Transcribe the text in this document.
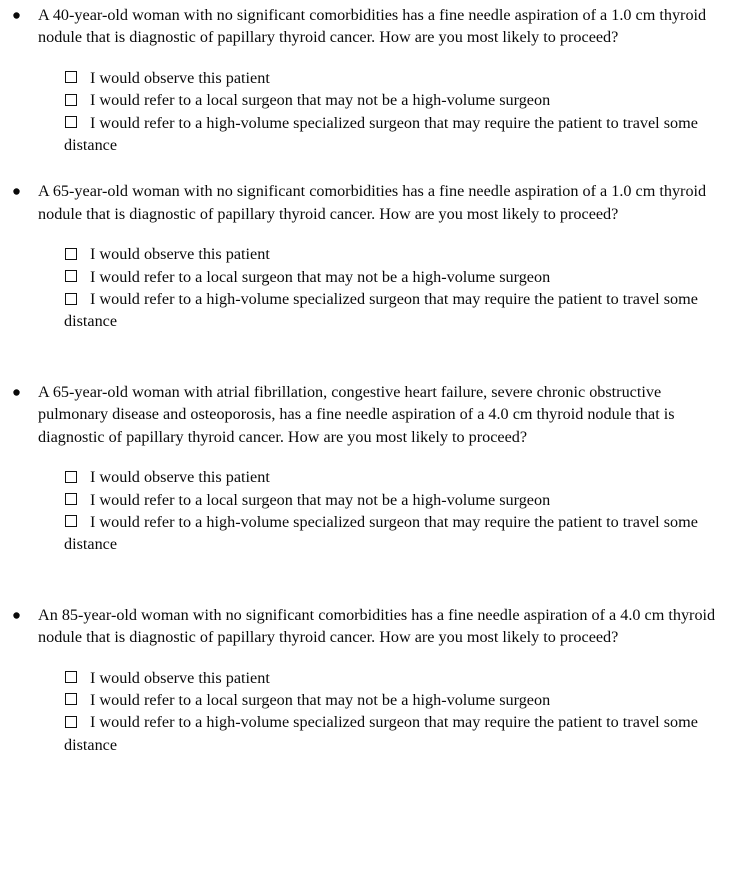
A 40-year-old woman with no significant comorbidities has a fine needle aspiration of a 1.0 cm thyroid nodule that is diagnostic of papillary thyroid cancer. How are you most likely to proceed?

I would observe this patient
I would refer to a local surgeon that may not be a high-volume surgeon
I would refer to a high-volume specialized surgeon that may require the patient to travel some distance

A 65-year-old woman with no significant comorbidities has a fine needle aspiration of a 1.0 cm thyroid nodule that is diagnostic of papillary thyroid cancer. How are you most likely to proceed?

I would observe this patient
I would refer to a local surgeon that may not be a high-volume surgeon
I would refer to a high-volume specialized surgeon that may require the patient to travel some distance

A 65-year-old woman with atrial fibrillation, congestive heart failure, severe chronic obstructive pulmonary disease and osteoporosis, has a fine needle aspiration of a 4.0 cm thyroid nodule that is diagnostic of papillary thyroid cancer. How are you most likely to proceed?

I would observe this patient
I would refer to a local surgeon that may not be a high-volume surgeon
I would refer to a high-volume specialized surgeon that may require the patient to travel some distance

An 85-year-old woman with no significant comorbidities has a fine needle aspiration of a 4.0 cm thyroid nodule that is diagnostic of papillary thyroid cancer. How are you most likely to proceed?

I would observe this patient
I would refer to a local surgeon that may not be a high-volume surgeon
I would refer to a high-volume specialized surgeon that may require the patient to travel some distance
